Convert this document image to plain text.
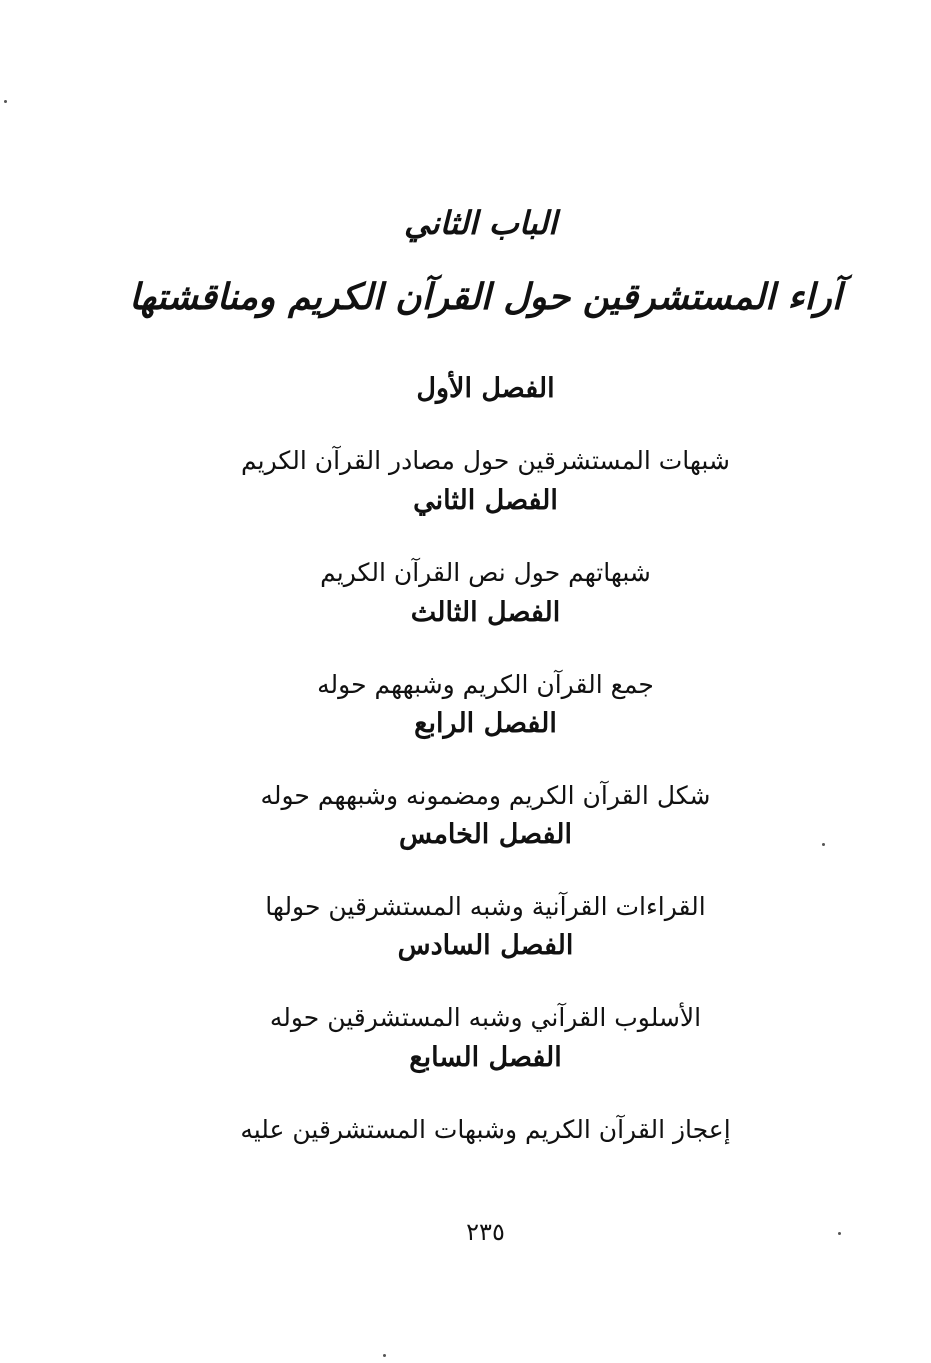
الباب الثاني
آراء المستشرقين حول القرآن الكريم ومناقشتها
الفصل الأول
شبهات المستشرقين حول مصادر القرآن الكريم
الفصل الثاني
شبهاتهم حول نص القرآن الكريم
الفصل الثالث
جمع القرآن الكريم وشبههم حوله
الفصل الرابع
شكل القرآن الكريم ومضمونه وشبههم حوله
الفصل الخامس
القراءات القرآنية وشبه المستشرقين حولها
الفصل السادس
الأسلوب القرآني وشبه المستشرقين حوله
الفصل السابع
إعجاز القرآن الكريم وشبهات المستشرقين عليه
٢٣٥
